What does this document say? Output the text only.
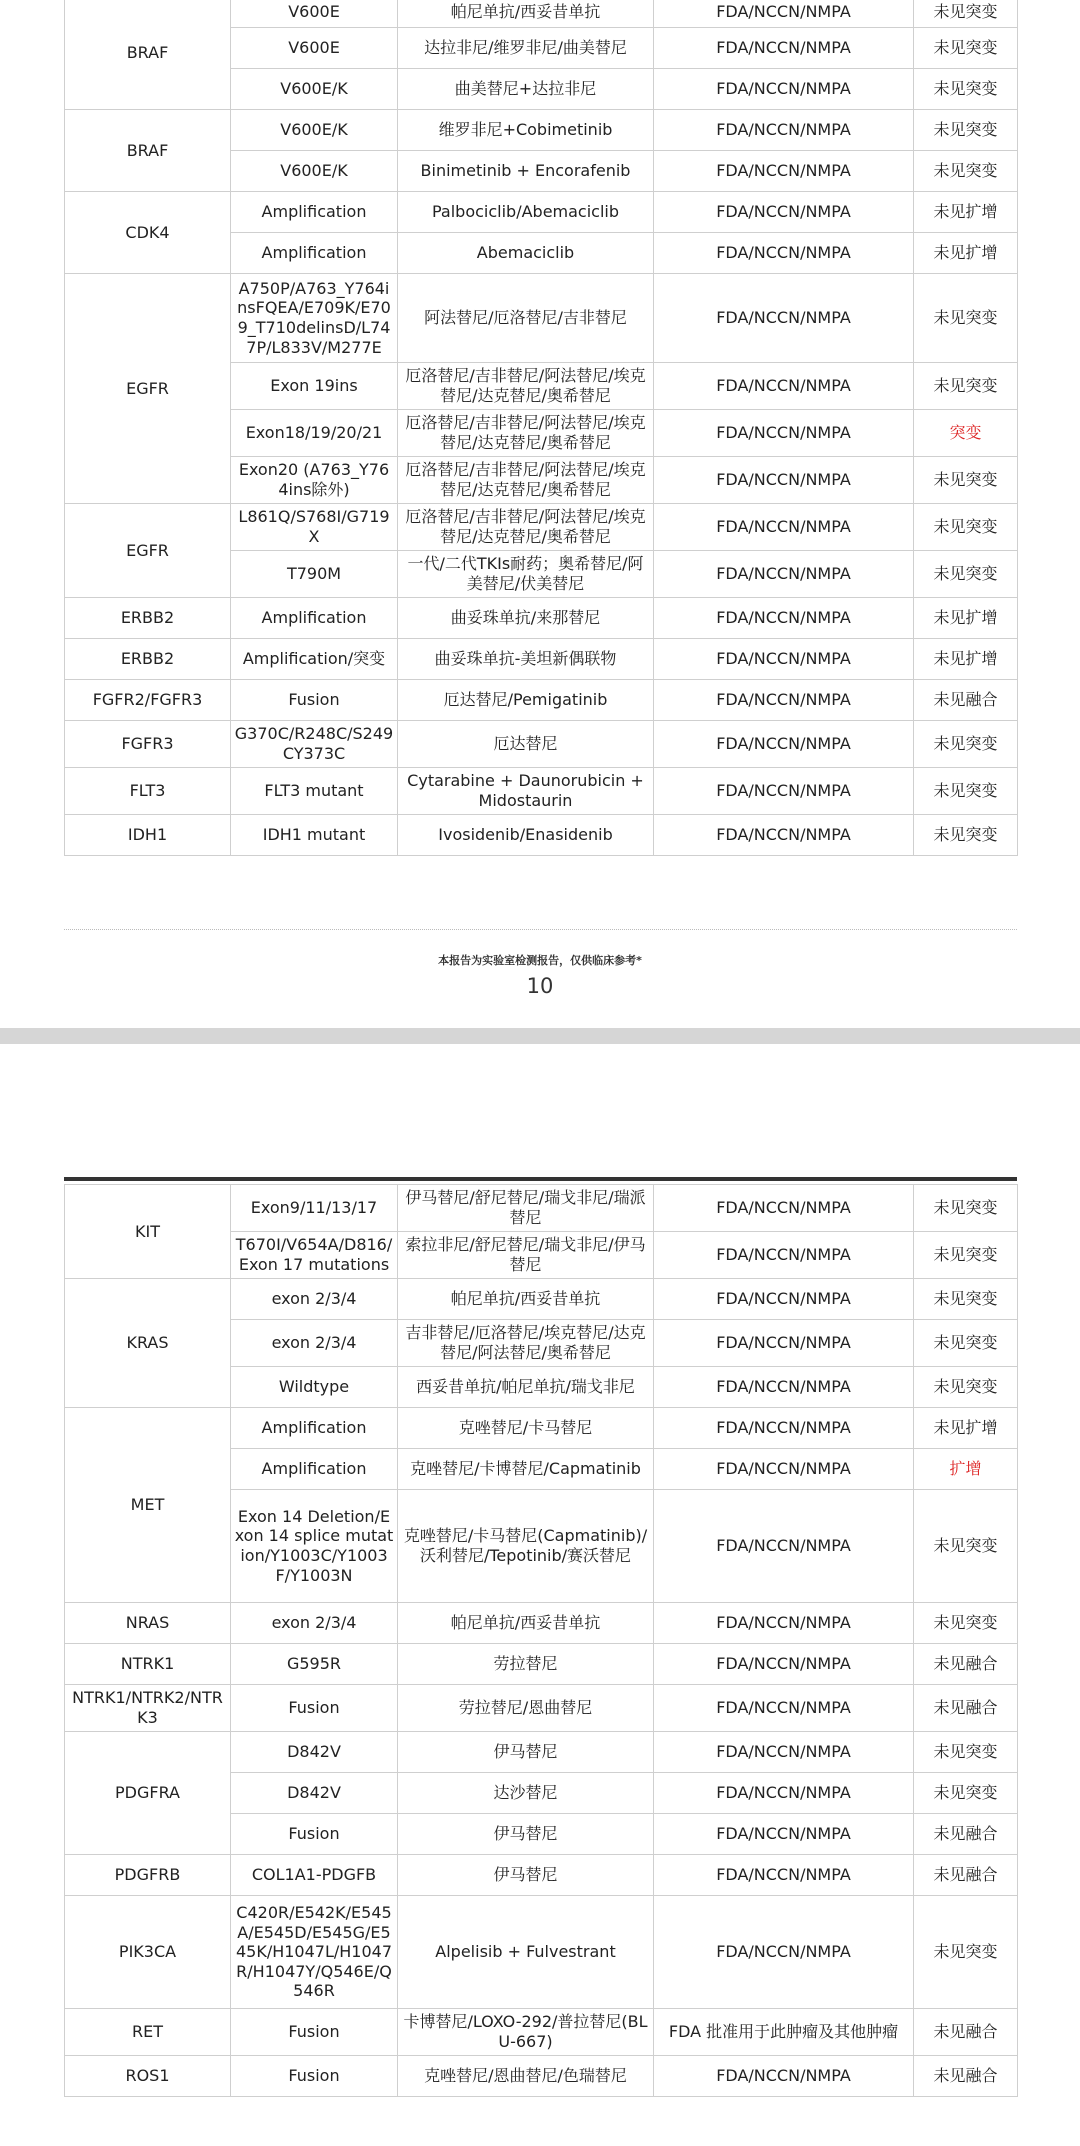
BRAF	V600E	帕尼单抗/西妥昔单抗	FDA/NCCN/NMPA	未见突变
	V600E	达拉非尼/维罗非尼/曲美替尼	FDA/NCCN/NMPA	未见突变
	V600E/K	曲美替尼+达拉非尼	FDA/NCCN/NMPA	未见突变
BRAF	V600E/K	维罗非尼+Cobimetinib	FDA/NCCN/NMPA	未见突变
	V600E/K	Binimetinib + Encorafenib	FDA/NCCN/NMPA	未见突变
CDK4	Amplification	Palbociclib/Abemaciclib	FDA/NCCN/NMPA	未见扩增
	Amplification	Abemaciclib	FDA/NCCN/NMPA	未见扩增
EGFR	A750P/A763_Y764insFQEA/E709K/E709_T710delinsD/L747P/L833V/M277E	阿法替尼/厄洛替尼/吉非替尼	FDA/NCCN/NMPA	未见突变
	Exon 19ins	厄洛替尼/吉非替尼/阿法替尼/埃克替尼/达克替尼/奥希替尼	FDA/NCCN/NMPA	未见突变
	Exon18/19/20/21	厄洛替尼/吉非替尼/阿法替尼/埃克替尼/达克替尼/奥希替尼	FDA/NCCN/NMPA	突变
	Exon20 (A763_Y764ins除外)	厄洛替尼/吉非替尼/阿法替尼/埃克替尼/达克替尼/奥希替尼	FDA/NCCN/NMPA	未见突变
EGFR	L861Q/S768I/G719X	厄洛替尼/吉非替尼/阿法替尼/埃克替尼/达克替尼/奥希替尼	FDA/NCCN/NMPA	未见突变
	T790M	一代/二代TKIs耐药；奥希替尼/阿美替尼/伏美替尼	FDA/NCCN/NMPA	未见突变
ERBB2	Amplification	曲妥珠单抗/来那替尼	FDA/NCCN/NMPA	未见扩增
ERBB2	Amplification/突变	曲妥珠单抗-美坦新偶联物	FDA/NCCN/NMPA	未见扩增
FGFR2/FGFR3	Fusion	厄达替尼/Pemigatinib	FDA/NCCN/NMPA	未见融合
FGFR3	G370C/R248C/S249CY373C	厄达替尼	FDA/NCCN/NMPA	未见突变
FLT3	FLT3 mutant	Cytarabine + Daunorubicin + Midostaurin	FDA/NCCN/NMPA	未见突变
IDH1	IDH1 mutant	Ivosidenib/Enasidenib	FDA/NCCN/NMPA	未见突变
本报告为实验室检测报告，仅供临床参考*
10
KIT	Exon9/11/13/17	伊马替尼/舒尼替尼/瑞戈非尼/瑞派替尼	FDA/NCCN/NMPA	未见突变
	T670I/V654A/D816/Exon 17 mutations	索拉非尼/舒尼替尼/瑞戈非尼/伊马替尼	FDA/NCCN/NMPA	未见突变
KRAS	exon 2/3/4	帕尼单抗/西妥昔单抗	FDA/NCCN/NMPA	未见突变
	exon 2/3/4	吉非替尼/厄洛替尼/埃克替尼/达克替尼/阿法替尼/奥希替尼	FDA/NCCN/NMPA	未见突变
	Wildtype	西妥昔单抗/帕尼单抗/瑞戈非尼	FDA/NCCN/NMPA	未见突变
MET	Amplification	克唑替尼/卡马替尼	FDA/NCCN/NMPA	未见扩增
	Amplification	克唑替尼/卡博替尼/Capmatinib	FDA/NCCN/NMPA	扩增
	Exon 14 Deletion/Exon 14 splice mutation/Y1003C/Y1003F/Y1003N	克唑替尼/卡马替尼(Capmatinib)/沃利替尼/Tepotinib/赛沃替尼	FDA/NCCN/NMPA	未见突变
NRAS	exon 2/3/4	帕尼单抗/西妥昔单抗	FDA/NCCN/NMPA	未见突变
NTRK1	G595R	劳拉替尼	FDA/NCCN/NMPA	未见融合
NTRK1/NTRK2/NTRK3	Fusion	劳拉替尼/恩曲替尼	FDA/NCCN/NMPA	未见融合
PDGFRA	D842V	伊马替尼	FDA/NCCN/NMPA	未见突变
	D842V	达沙替尼	FDA/NCCN/NMPA	未见突变
	Fusion	伊马替尼	FDA/NCCN/NMPA	未见融合
PDGFRB	COL1A1-PDGFB	伊马替尼	FDA/NCCN/NMPA	未见融合
PIK3CA	C420R/E542K/E545A/E545D/E545G/E545K/H1047L/H1047R/H1047Y/Q546E/Q546R	Alpelisib + Fulvestrant	FDA/NCCN/NMPA	未见突变
RET	Fusion	卡博替尼/LOXO-292/普拉替尼(BLU-667)	FDA 批准用于此肿瘤及其他肿瘤	未见融合
ROS1	Fusion	克唑替尼/恩曲替尼/色瑞替尼	FDA/NCCN/NMPA	未见融合
